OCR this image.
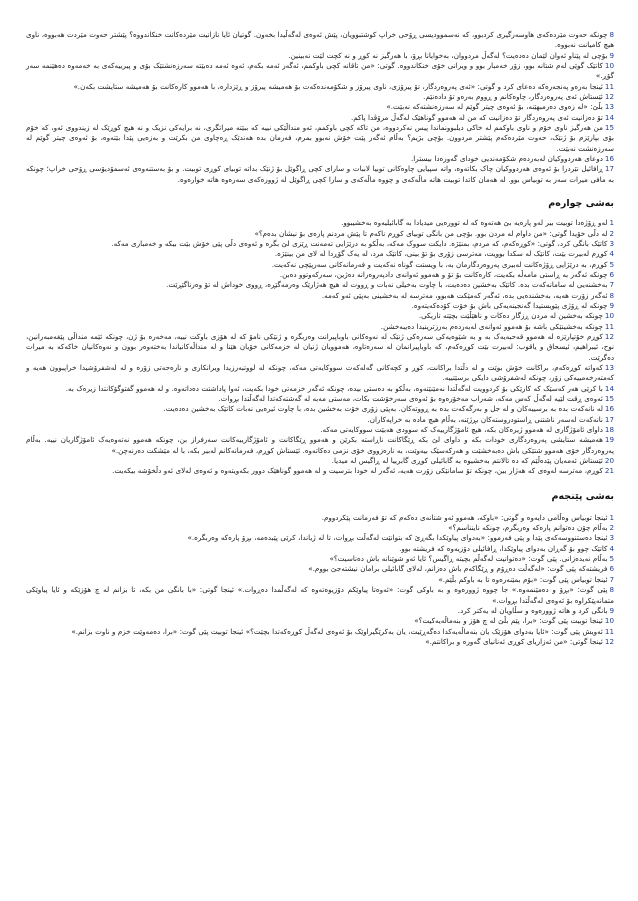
8چونکە حەوت مێردەکەی هاوسەرگیری کردبوو، کە نەسموودیسی ڕۆحی خراپ کوشتبوویان، پێش ئەوەی لەگەڵیدا بخەون. گوتیان ئایا نازانیت مێردەکانت خنکاندووە؟ پێشتر حەوت مێردت هەبووە، ناوی هیچ کامیانت نەبووە.

9بۆچی لە پێناو ئەوان لێمان دەدەیت؟ لەگەڵ مردووان، بەخوایانا بڕۆ، با هەرگیز نە کوڕ و نە کچت لێت نەبینین.

10کاتێک گوێی لەم شتانە بوو، زۆر خەمبار بوو و ویرانی خۆی خنکاندووە. گوتی: «من تاقانە کچی باوکمم، ئەگەر ئەمە بکەم، ئەوە ئەمە دەبێتە سەرزەنشتێک بۆی و پیرییەکەی بە خەمەوە دەهێنمە سەر گۆڕ.»

11ئینجا بەرەو پەنجەرەکە دەعای کرد و گوتی: «ئەی پەروەردگار، تۆ پیرۆزی، ناوی پیرۆز و شکۆمەندەکەت بۆ هەمیشە پیرۆز و ڕێزدارە، با هەموو کارەکانت بۆ هەمیشە ستایشت بکەن.»

12ئێستاش ئەی پەروەردگار، چاوەکانم و ڕووم بەرەو تۆ دادەنێم.

13بڵێ: «لە زەوی دەرمبهێنە، بۆ ئەوەی چیتر گوێم لە سەرزەنشتەکە نەبێت.»

14تۆ دەزانیت ئەی پەروەردگار تۆ دەزانیت کە من لە هەموو گوناهێک لەگەڵ مرۆڤدا پاکم.

15من هەرگیز ناوی خۆم و ناوی باوکمم لە خاکی دیلبوونماندا پیس نەکردووە، من تاکە کچی باوکمم، ئەو منداڵێکی نییە کە ببێتە میراتگری، نە برایەکی نزیک و نە هیچ کوڕێک لە زیندووی ئەو، کە خۆم بۆی بپارێزم بۆ ژنێک، حەوت مێردەکەم پێشتر مردوون. بۆچی بژیم؟ بەڵام ئەگەر پێت خۆش نەبوو بمرم، فەرمان بدە هەندێک ڕەچاوی من بکرێت و بەزەیی پێدا بێتەوە، بۆ ئەوەی چیتر گوێم لە سەرزەنشت نەبێت.

16دوعای هەردووکیان لەبەردەم شکۆمەندیی خودای گەورەدا بیسترا.

17ڕافائیل نێردرا بۆ ئەوەی هەردووکیان چاک بکاتەوە، واتە سپیایی چاوەکانی توبیا لاببات و سارای کچی ڕاگوێل بۆ ژنێک بداتە توبیای کوڕی توبیت. و بۆ بەستنەوەی ئەسمۆدیۆسی ڕۆحی خراپ؛ چونکە بە مافی میرات سەر بە توبیاس بوو. لە هەمان کاتدا توبیت هاتە ماڵەکەی و چووە ماڵەکەی و سارا کچی ڕاگوێل لە ژوورەکەی سەرەوە هاتە خوارەوە.

بەشی چوارەم

1لەو ڕۆژەدا توبیت بیر لەو پارەیە بێ هەتەوە کە لە توورەیی میدیادا بە گابائیلیەوە بەخشیبوو.

2لە دڵی خۆیدا گوتی: «من داوام لە مردن بوو. بۆچی من بانگی توبیای کوڕم ناکەم تا پێش مردنم پارەی بۆ نیشان بدەم؟»

3کاتێک بانگی کرد، گوتی: «کوڕەکەم، کە مردم، بمنێژە. دایکت سووک مەکە، بەڵکو بە درێژایی تەمەنت ڕێزی لێ بگرە و ئەوەی دڵی پێی خۆش بێت بیکە و خەمباری مەکە.

4کوڕم لەبیرت بێت، کاتێک لە سکدا بوویت، مەترسی زۆری بۆ تۆ بینی، کاتێک مرد، لە یەک گۆڕدا لە لای من بینێژە.

5کوڕم، بە درێژایی ڕۆژەکانت لەبیری پەروەردگارمان بە، با ویستت گوناه نەکەیت و فەرمانەکانی سەرپێچی نەکەیت.

6چونکە ئەگەر بە ڕاستی مامەڵە بکەیت، کارەکانت بۆ تۆ و هەموو ئەوانەی دادپەروەرانە دەژین، سەرکەوتوو دەبن.

7بەخشنەیی لە سامانەکەت بدە. کاتێک بەخشین دەدەیت، با چاوت بەخیلی نەبات و ڕووت لە هیچ هەژارێک وەرمەگێڕە، ڕووی خوداش لە تۆ وەرناگێڕێت.

8ئەگەر زۆرت هەیە، بەخشندەیی بدە، ئەگەر کەمێکت هەبوو، مەترسە لە بەخشینی بەپێی ئەو کەمە.

9چونکە لە ڕۆژی پێویستیدا گەنجینەیەکی باش بۆ خۆت کۆدەکەیتەوە.

10چونکە بەخشین لە مردن ڕزگار دەکات و ناهێڵێت بچێتە تاریکی.

11چونکە بەخشینێکی باشە بۆ هەموو ئەوانەی لەبەردەم بەرزترینیدا دەیبەخشن.

12کوڕم خۆتپارێزە لە هەموو قەحبەیەک بە و بە شێوەیەکی سەرەکی ژنێک لە نەوەکانی باوباپیرانت وەربگرە و ژنێکی نامۆ کە لە هۆزی باوکت نییە، مەخەرە بۆ ژن، چونکە ئێمە منداڵی پێغەمبەرانین، نوح، ئیبراهیم، ئیسحاق و یاقوب: لەبیرت بێت کوڕەکەم، کە باوباپیرانمان لە سەرەتاوە، هەموویان ژنیان لە خزمەکانی خۆیان هێنا و لە منداڵەکانیاندا بەختەوەر بوون و نەوەکانیان خاکەکە بە میرات دەگرێت.

13کەواتە کوڕەکەم، براکانت خۆش بوێت و لە دڵتدا براکانت، کوڕ و کچەکانی گەلەکەت سووکایەتی مەکە، چونکە لە لووتبەرزیدا ویرانکاری و نارەحەتی زۆرە و لە لەشفرۆشیدا خراپبوون هەیە و کەمتەرخەمییەکی زۆر، چونکە لەشفرۆشی دایکی برسێتییە.

14با کرێی هەر کەسێک کە کارێکی بۆ کردوویت لەگەڵتدا نەمێنێتەوە، بەڵکو بە دەستی بیدە، چونکە ئەگەر خزمەتی خودا بکەیت، ئەوا پاداشتت دەداتەوە. و لە هەموو گفتوگۆکانتدا زیرەک بە.

15ئەوەی ڕقت لێیە لەگەڵ کەس مەکە، شەراب مەخۆرەوە بۆ ئەوەی سەرخۆشت بکات، مەستی مەبە لە گەشتەکەتدا لەگەڵتدا بڕوات.

16لە نانەکەت بدە بە برسییەکان و لە جل و بەرگەکەت بدە بە ڕووتەکان. بەپێی زۆری خۆت بەخشین بدە، با چاوت ئیرەیی نەبات کاتێک بەخشین دەدەیت.

17نانەکەت لەسەر ناشتنی ڕاستودروستەکان بڕژێنە، بەڵام هیچ مادە بە خراپەکاران.

18داوای ئامۆژگاری لە هەموو ژیرەکان بکە، هیچ ئامۆژگارییەک کە سوودی هەبێت سووکایەتی مەکە.

19هەمیشە ستایشی پەروەردگاری خودات بکە و داوای لێ بکە ڕێگاکانت ناڕاستە بکرێن و هەموو ڕێگاکانت و ئامۆژگارییەکانت سەرفراز بن، چونکە هەموو نەتەوەیەک ئامۆژگاریان نییە. بەڵام پەروەردگار خۆی هەموو شتێکی باش دەبەخشێت و هەرکەسێک بیەوێت، بە نارەزووی خۆی نزمی دەکاتەوە. ئێستاش کوڕم، فەرمانەکانم لەبیر بکە، با لە مێشکت دەرنەچن.»

20ئێستاش ئەمەیان پێدەڵێم کە دە تالانتم بەخشیوە بە گابائیلی کوڕی گابرییا لە ڕاگیس لە میدیا.

21کوڕم، مەترسە لەوەی کە هەژار بین، چونکە تۆ سامانێکی زۆرت هەیە، ئەگەر لە خودا بترسیت و لە هەموو گوناهێک دوور بکەویتەوە و ئەوەی لەلای ئەو دڵخۆشە بیکەیت.

بەشی پێنجەم

1ئینجا توبیاس وەڵامی دایەوە و گوتی: «باوکە، هەموو ئەو شتانەی دەکەم کە تۆ فەرمانت پێکردووم.

2بەڵام چۆن دەتوانم پارەکە وەربگرم، چونکە ناینناسم؟»

3ئینجا دەستنووسەکەی پێدا و پێی فەرموو: «بەدوای پیاوێکدا بگەڕێ کە بتوانێت لەگەڵت بڕوات، تا لە ژیاندا، کرێی پێبدەمە، بڕۆ پارەکە وەربگرە.»

4کاتێک چوو بۆ گەڕان بەدوای پیاوێکدا، ڕافائیلی دۆزیەوە کە فریشتە بوو.

5بەڵام نەیدەزانی. پێی گوت: «دەتوانیت لەگەڵم بچیتە ڕاگیس؟ ئایا ئەو شوێنانە باش دەناسیت؟»

6فریشتەکە پێی گوت: «لەگەڵت دەڕۆم و ڕێگاکەم باش دەزانم، لەلای گابائیلی برامان نیشتەجێ بووم.»

7ئینجا توبیاس پێی گوت: «بۆم بمێنەرەوە تا بە باوکم بڵێم.»

8پێی گوت: «بڕۆ و دەمێنمەوە.» جا چووە ژوورەوە و بە باوکی گوت: «ئەوەتا پیاوێکم دۆزیوەتەوە کە لەگەڵمدا دەڕوات.» ئینجا گوتی: «با بانگی من بکە، تا بزانم لە چ هۆزێکە و ئایا پیاوێکی متمانەپێکراوە بۆ ئەوەی لەگەڵتدا بڕوات.»

9بانگی کرد و هاتە ژوورەوە و سڵاویان لە یەکتر کرد.

10ئینجا توبیت پێی گوت: «برا، پێم بڵێ لە چ هۆز و بنەماڵەیەکیت؟»

11ئەویش پێی گوت: «ئایا بەدوای هۆزێک یان بنەماڵەیەکدا دەگەڕێیت، یان بەکرێگیراوێک بۆ ئەوەی لەگەڵ کوڕەکەتدا بچێت؟» ئینجا توبیت پێی گوت: «برا، دەمەوێت خزم و ناوت بزانم.»

12ئینجا گوتی: «من ئەزاریای کوڕی ئەنانیای گەورە و براکانتم.»
